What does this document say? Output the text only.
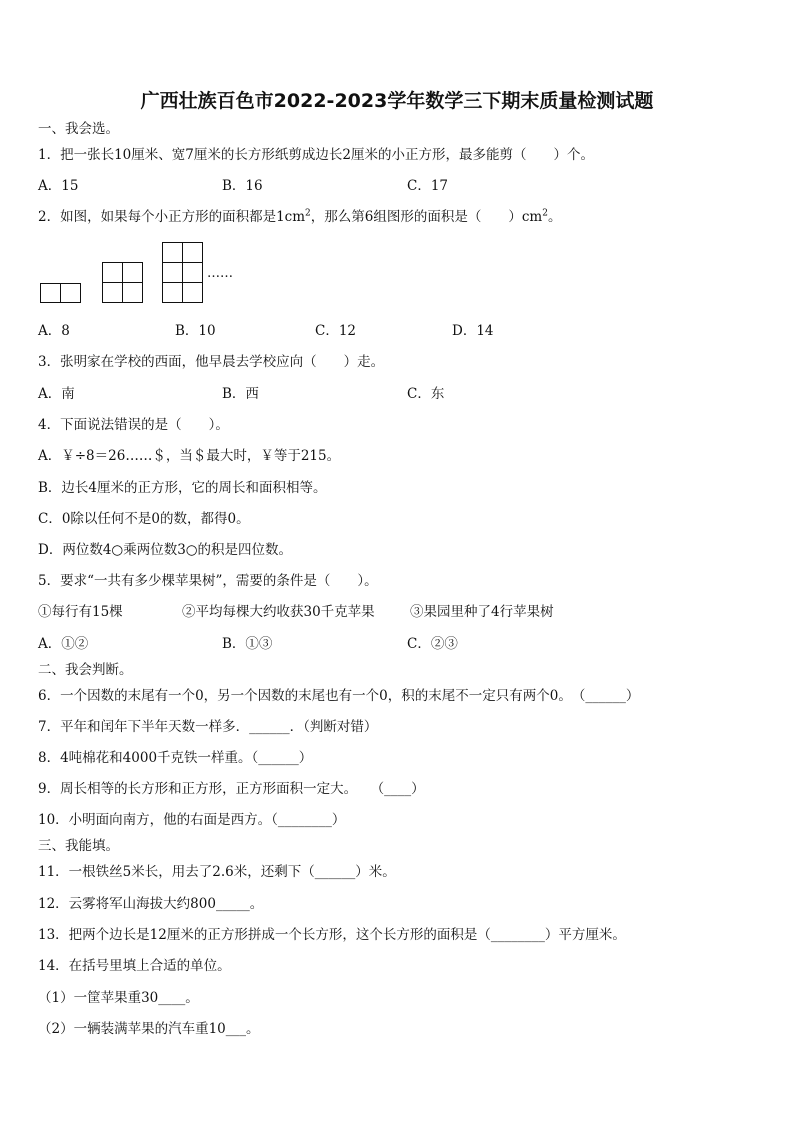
广西壮族百色市2022-2023学年数学三下期末质量检测试题
一、我会选。
1．把一张长10厘米、宽7厘米的长方形纸剪成边长2厘米的小正方形，最多能剪（　　）个。
A．15	B．16	C．17
2．如图，如果每个小正方形的面积都是$1cm^2$，那么第6组图形的面积是（　　）$cm^2$。
……
A．8	B．10	C．12	D．14
3．张明家在学校的西面，他早晨去学校应向（　　）走。
A．南	B．西	C．东
4．下面说法错误的是（　　）。
A．￥÷8＝26……＄，当＄最大时，￥等于215。
B．边长4厘米的正方形，它的周长和面积相等。
C．0除以任何不是0的数，都得0。
D．两位数4○乘两位数3○的积是四位数。
5．要求“一共有多少棵苹果树”，需要的条件是（　　）。
①每行有15棵	②平均每棵大约收获30千克苹果	③果园里种了4行苹果树
A．①②	B．①③	C．②③
二、我会判断。
6．一个因数的末尾有一个0，另一个因数的末尾也有一个0，积的末尾不一定只有两个0。　（______）
7．平年和闰年下半年天数一样多．______．（判断对错）
8．4吨棉花和4000千克铁一样重。（______）
9．周长相等的长方形和正方形，正方形面积一定大。　　（____）
10．小明面向南方，他的右面是西方。（________）
三、我能填。
11．一根铁丝5米长，用去了2.6米，还剩下（______）米。
12．云雾将军山海拔大约800_____。
13．把两个边长是12厘米的正方形拼成一个长方形，这个长方形的面积是（________）平方厘米。
14．在括号里填上合适的单位。
（1）一筐苹果重30____。
（2）一辆装满苹果的汽车重10___。
